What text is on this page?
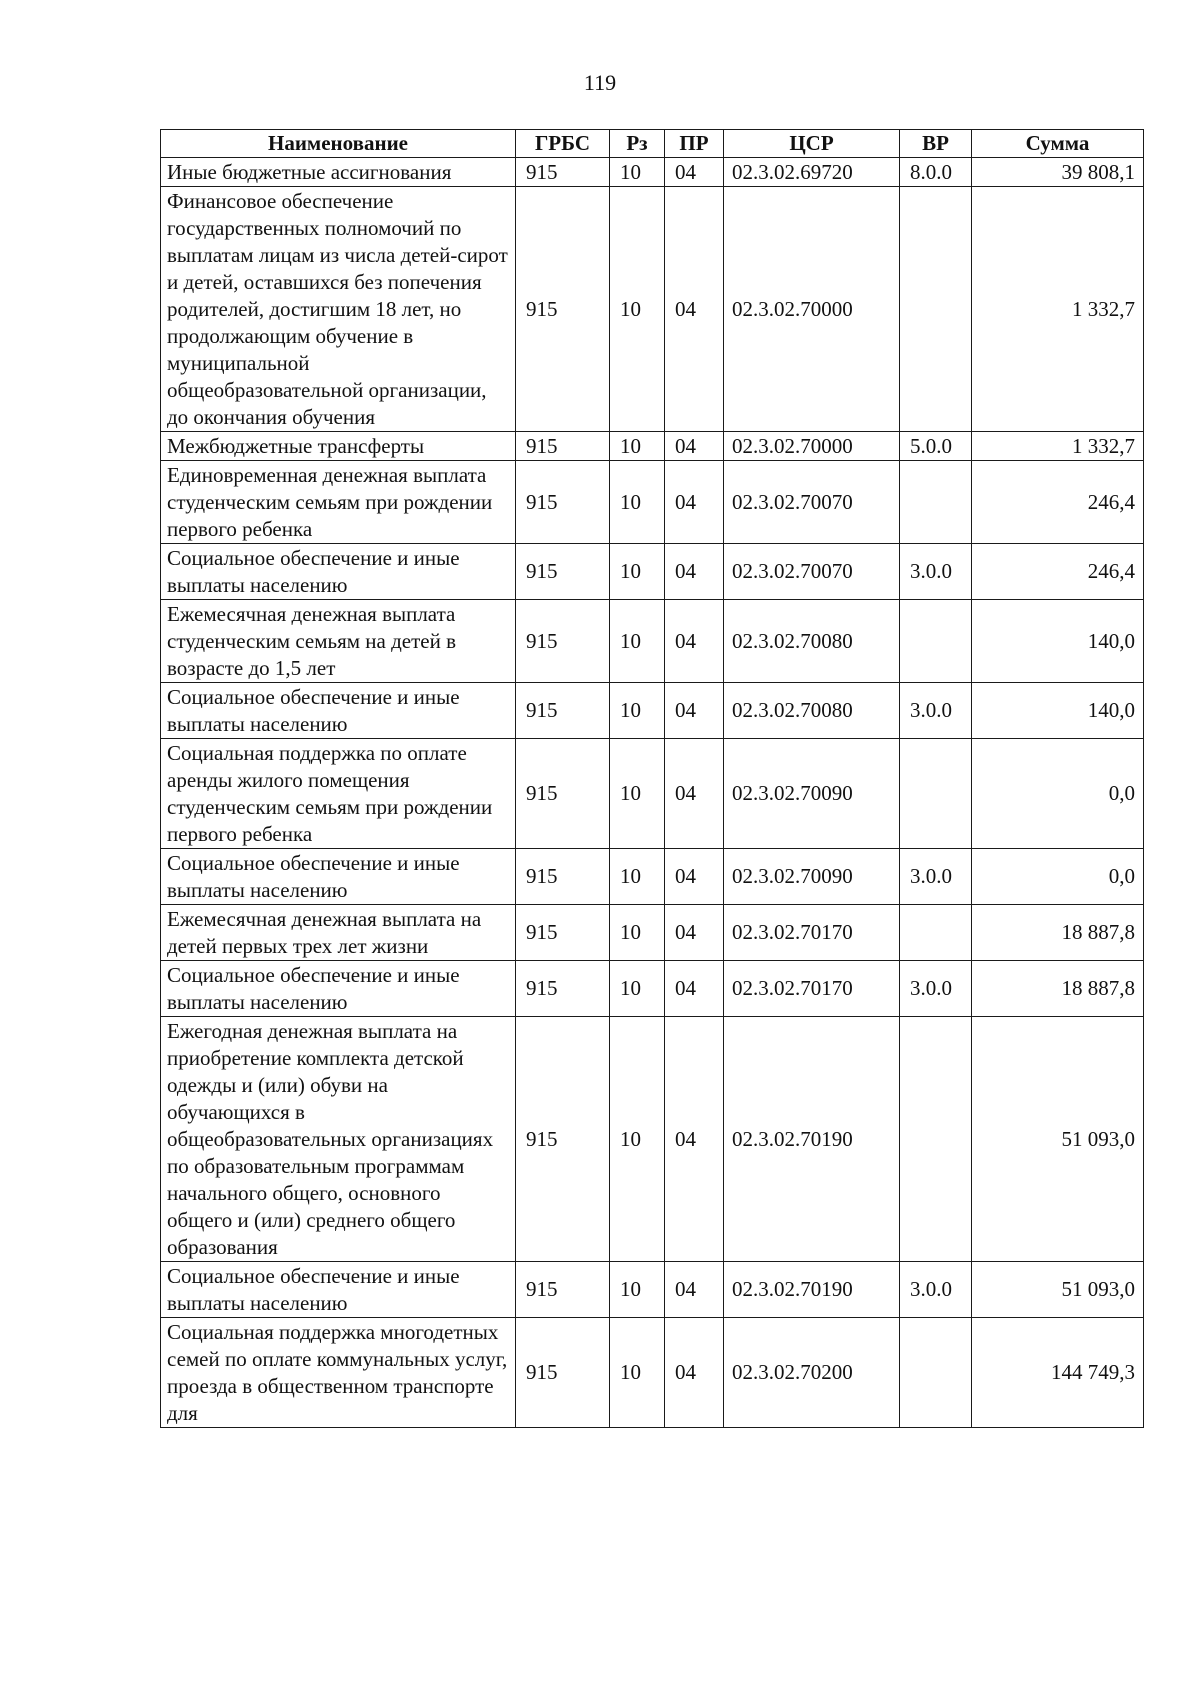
119
Наименование	ГРБС	Рз	ПР	ЦСР	ВР	Сумма
Иные бюджетные ассигнования	915	10	04	02.3.02.69720	8.0.0	39 808,1
Финансовое обеспечение государственных полномочий по выплатам лицам из числа детей-сирот и детей, оставшихся без попечения родителей, достигшим 18 лет, но продолжающим обучение в муниципальной общеобразовательной организации, до окончания обучения	915	10	04	02.3.02.70000		1 332,7
Межбюджетные трансферты	915	10	04	02.3.02.70000	5.0.0	1 332,7
Единовременная денежная выплата студенческим семьям при рождении первого ребенка	915	10	04	02.3.02.70070		246,4
Социальное обеспечение и иные выплаты населению	915	10	04	02.3.02.70070	3.0.0	246,4
Ежемесячная денежная выплата студенческим семьям на детей в возрасте до 1,5 лет	915	10	04	02.3.02.70080		140,0
Социальное обеспечение и иные выплаты населению	915	10	04	02.3.02.70080	3.0.0	140,0
Социальная поддержка по оплате аренды жилого помещения студенческим семьям при рождении первого ребенка	915	10	04	02.3.02.70090		0,0
Социальное обеспечение и иные выплаты населению	915	10	04	02.3.02.70090	3.0.0	0,0
Ежемесячная денежная выплата на детей первых трех лет жизни	915	10	04	02.3.02.70170		18 887,8
Социальное обеспечение и иные выплаты населению	915	10	04	02.3.02.70170	3.0.0	18 887,8
Ежегодная денежная выплата на приобретение комплекта детской одежды и (или) обуви на обучающихся в общеобразовательных организациях по образовательным программам начального общего, основного общего и (или) среднего общего образования	915	10	04	02.3.02.70190		51 093,0
Социальное обеспечение и иные выплаты населению	915	10	04	02.3.02.70190	3.0.0	51 093,0
Социальная поддержка многодетных семей по оплате коммунальных услуг, проезда в общественном транспорте для	915	10	04	02.3.02.70200		144 749,3
